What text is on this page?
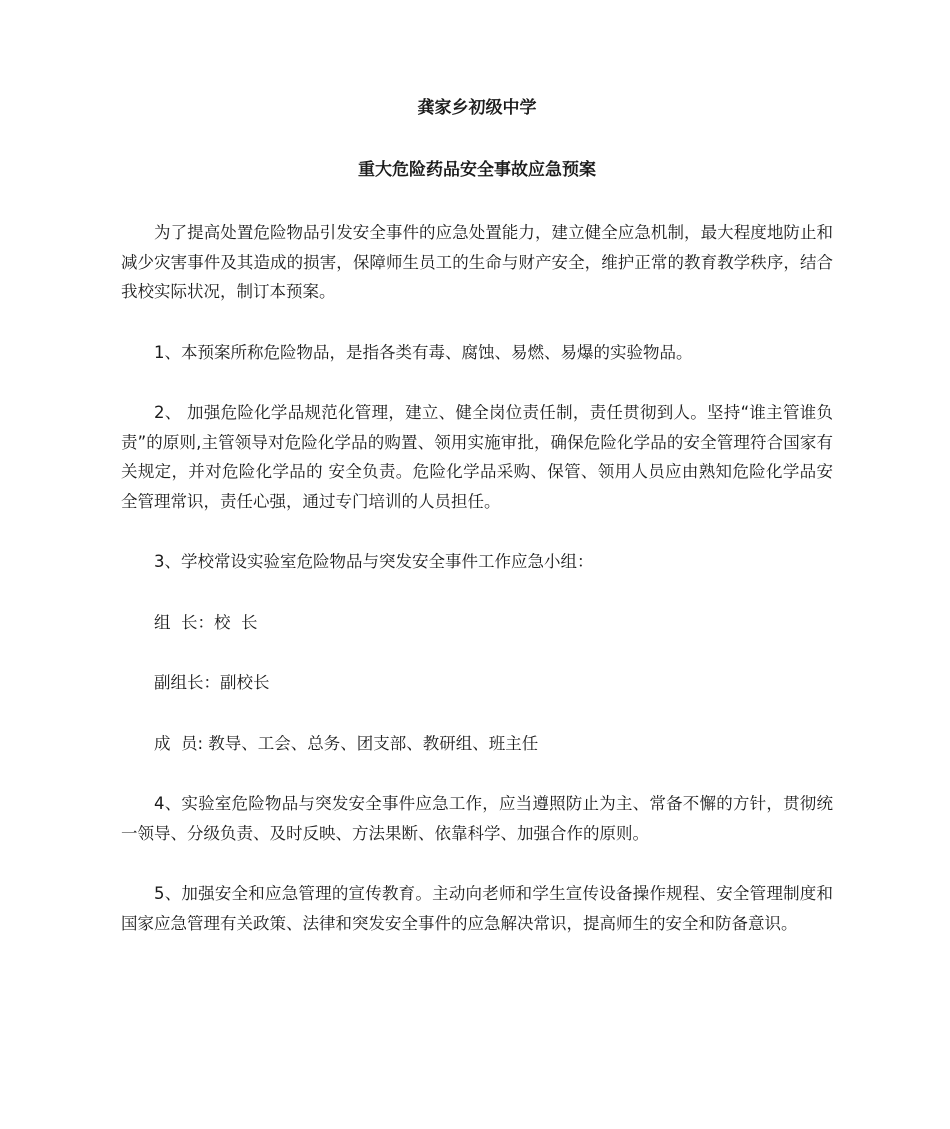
龚家乡初级中学
重大危险药品安全事故应急预案

为了提高处置危险物品引发安全事件的应急处置能力，建立健全应急机制，最大程度地防止和减少灾害事件及其造成的损害，保障师生员工的生命与财产安全，维护正常的教育教学秩序，结合我校实际状况，制订本预案。

1、本预案所称危险物品，是指各类有毒、腐蚀、易燃、易爆的实验物品。

2、 加强危险化学品规范化管理，建立、健全岗位责任制，责任贯彻到人。坚持“谁主管谁负责”的原则,主管领导对危险化学品的购置、领用实施审批，确保危险化学品的安全管理符合国家有关规定，并对危险化学品的 安全负责。危险化学品采购、保管、领用人员应由熟知危险化学品安全管理常识，责任心强，通过专门培训的人员担任。

3、学校常设实验室危险物品与突发安全事件工作应急小组：

组  长：校  长

副组长：副校长

成  员: 教导、工会、总务、团支部、教研组、班主任

4、实验室危险物品与突发安全事件应急工作，应当遵照防止为主、常备不懈的方针，贯彻统一领导、分级负责、及时反映、方法果断、依靠科学、加强合作的原则。

5、加强安全和应急管理的宣传教育。主动向老师和学生宣传设备操作规程、安全管理制度和国家应急管理有关政策、法律和突发安全事件的应急解决常识，提高师生的安全和防备意识。
